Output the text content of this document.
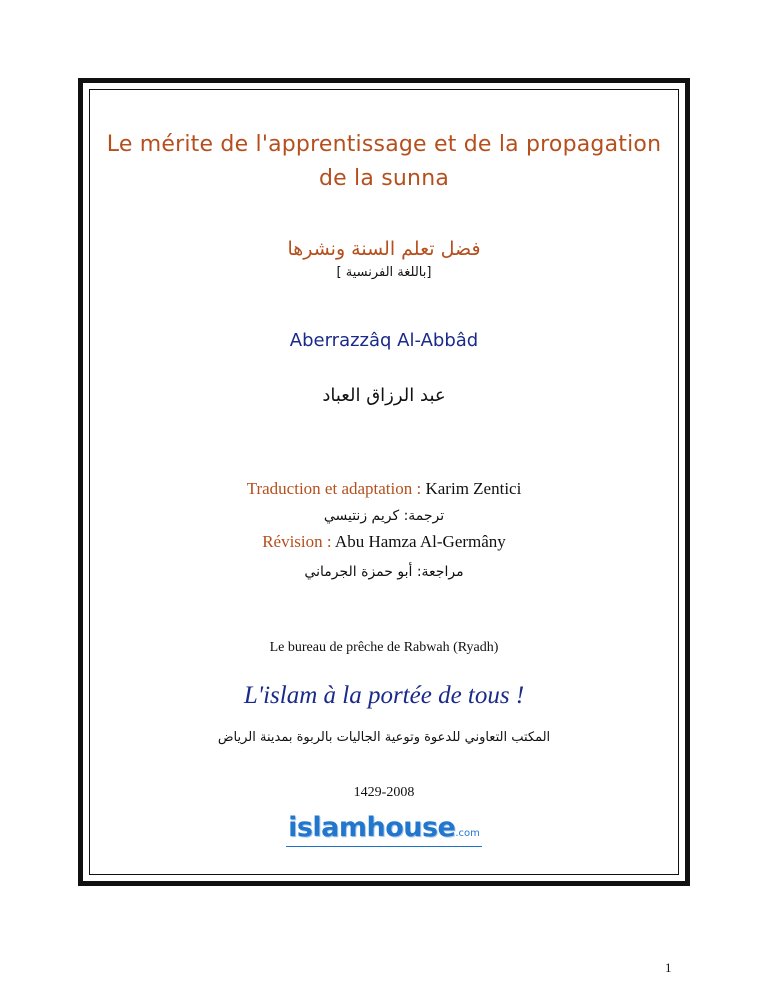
Le mérite de l'apprentissage et de la propagation de la sunna
فضل تعلم السنة ونشرها
[باللغة الفرنسية ]
Aberrazzâq Al-Abbâd
عبد الرزاق العباد
Traduction et adaptation : Karim Zentici
ترجمة: كريم زنتيسي
Révision : Abu Hamza Al-Germâny
مراجعة: أبو حمزة الجرماني
Le bureau de prêche de Rabwah (Ryadh)
L'islam à la portée de tous !
المكتب التعاوني للدعوة وتوعية الجاليات بالربوة بمدينة الرياض
1429-2008
islamhouse.com
1
